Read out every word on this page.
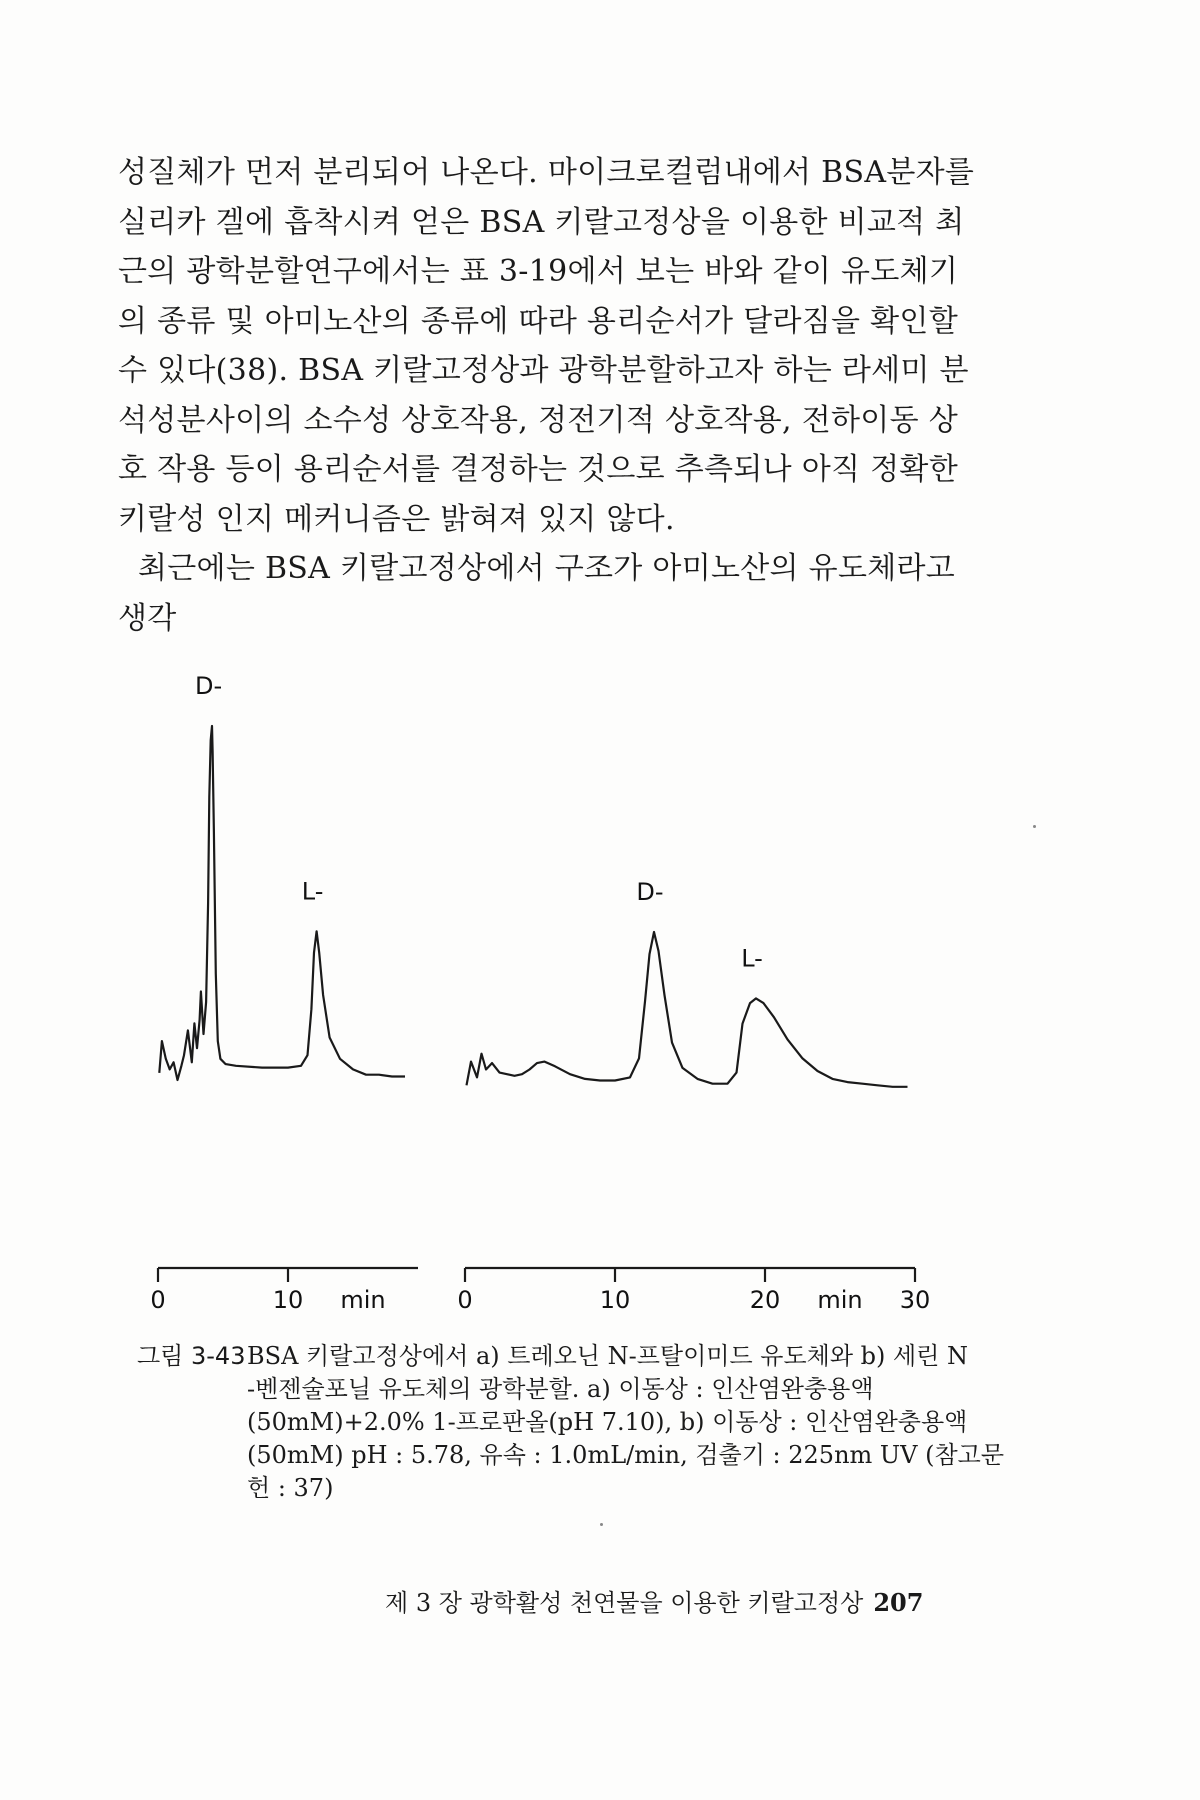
성질체가 먼저 분리되어 나온다. 마이크로컬럼내에서 BSA분자를 실리카 겔에 흡착시켜 얻은 BSA 키랄고정상을 이용한 비교적 최근의 광학분할연구에서는 표 3-19에서 보는 바와 같이 유도체기의 종류 및 아미노산의 종류에 따라 용리순서가 달라짐을 확인할 수 있다(38). BSA 키랄고정상과 광학분할하고자 하는 라세미 분석성분사이의 소수성 상호작용, 정전기적 상호작용, 전하이동 상호 작용 등이 용리순서를 결정하는 것으로 추측되나 아직 정확한 키랄성 인지 메커니즘은 밝혀져 있지 않다.

최근에는 BSA 키랄고정상에서 구조가 아미노산의 유도체라고 생각

0	10 min
D-
L-
0	10	20	30
min
D-
L-
그림 3-43 BSA 키랄고정상에서 a) 트레오닌 N-프탈이미드 유도체와 b) 세린 N
-벤젠술포닐 유도체의 광학분할. a) 이동상 : 인산염완충용액
(50mM)+2.0% 1-프로판올(pH 7.10), b) 이동상 : 인산염완충용액
(50mM) pH : 5.78, 유속 : 1.0mL/min, 검출기 : 225nm UV (참고문
헌 : 37)
제 3 장 광학활성 천연물을 이용한 키랄고정상 207
